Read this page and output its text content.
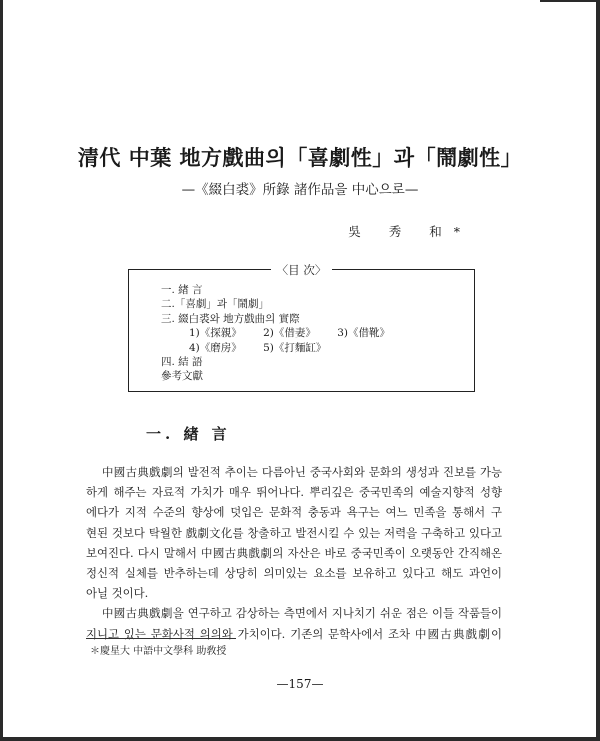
清代 中葉 地方戲曲의「喜劇性」과「鬧劇性」
—《綴白裘》所錄 諸作品을 中心으로—
吳 秀 和*
〈目 次〉
一. 緖 言
二.「喜劇」과「鬧劇」
三. 綴白裘와 地方戲曲의 實際
1)《探親》 2)《借妻》 3)《借靴》
4)《磨房》 5)《打麵缸》
四. 結 語
參考文獻
一. 緖 言

中國古典戲劇의 발전적 추이는 다름아닌 중국사회와 문화의 생성과 진보를 가능

하게 해주는 자료적 가치가 매우 뛰어나다. 뿌리깊은 중국민족의 예술지향적 성향

에다가 지적 수준의 향상에 덧입은 문화적 충동과 욕구는 여느 민족을 통해서 구

현된 것보다 탁월한 戲劇文化를 창출하고 발전시킬 수 있는 저력을 구축하고 있다고

보여진다. 다시 말해서 中國古典戲劇의 자산은 바로 중국민족이 오랫동안 간직해온

정신적 실체를 반추하는데 상당히 의미있는 요소를 보유하고 있다고 해도 과언이

아닐 것이다.

中國古典戲劇을 연구하고 감상하는 측면에서 지나치기 쉬운 점은 이들 작품들이

지니고 있는 문화사적 의의와 가치이다. 기존의 문학사에서 조차 中國古典戲劇이

＊慶星大 中語中文學科 助敎授
—157—
